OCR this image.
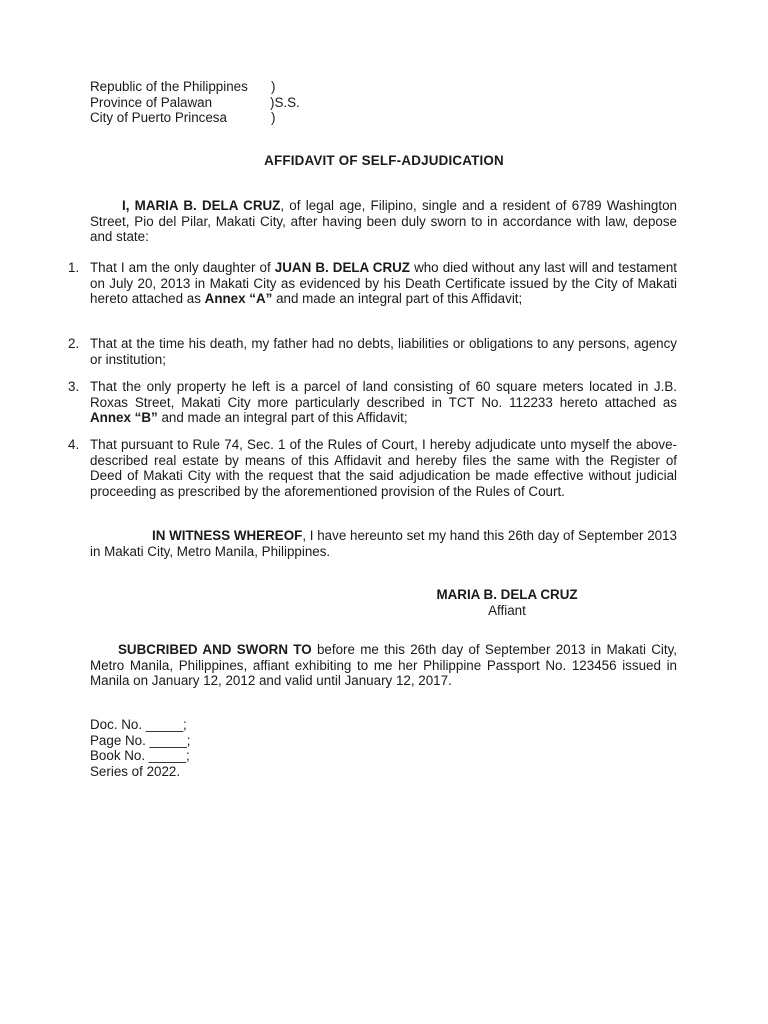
Republic of the Philippines )
Province of Palawan	)S.S.
City of Puerto Princesa	)
AFFIDAVIT OF SELF-ADJUDICATION
I, MARIA B. DELA CRUZ, of legal age, Filipino, single and a resident of 6789 Washington Street, Pio del Pilar, Makati City, after having been duly sworn to in accordance with law, depose and state:
1. That I am the only daughter of JUAN B. DELA CRUZ who died without any last will and testament on July 20, 2013 in Makati City as evidenced by his Death Certificate issued by the City of Makati hereto attached as Annex “A” and made an integral part of this Affidavit;
2. That at the time his death, my father had no debts, liabilities or obligations to any persons, agency or institution;
3. That the only property he left is a parcel of land consisting of 60 square meters located in J.B. Roxas Street, Makati City more particularly described in TCT No. 112233 hereto attached as Annex “B” and made an integral part of this Affidavit;
4. That pursuant to Rule 74, Sec. 1 of the Rules of Court, I hereby adjudicate unto myself the above-described real estate by means of this Affidavit and hereby files the same with the Register of Deed of Makati City with the request that the said adjudication be made effective without judicial proceeding as prescribed by the aforementioned provision of the Rules of Court.
IN WITNESS WHEREOF, I have hereunto set my hand this 26th day of September 2013 in Makati City, Metro Manila, Philippines.
MARIA B. DELA CRUZ
Affiant
SUBCRIBED AND SWORN TO before me this 26th day of September 2013 in Makati City, Metro Manila, Philippines, affiant exhibiting to me her Philippine Passport No. 123456 issued in Manila on January 12, 2012 and valid until January 12, 2017.
Doc. No. _____;
Page No. _____;
Book No. _____;
Series of 2022.
